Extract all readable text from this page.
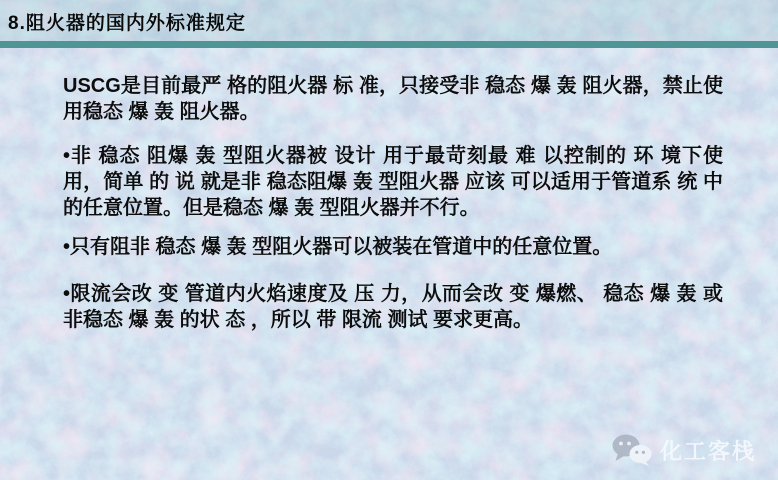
8.阻火器的国内外标准规定

USCG是目前最严 格的阻火器 标 准，只接受非 稳态 爆 轰 阻火器，禁止使用稳态 爆 轰 阻火器。

•非 稳态 阻爆 轰 型阻火器被 设计 用于最苛刻最 难 以控制的 环 境下使用，简单 的 说 就是非 稳态阻爆 轰 型阻火器 应该 可以适用于管道系 统 中的任意位置。但是稳态 爆 轰 型阻火器并不行。

•只有阻非 稳态 爆 轰 型阻火器可以被装在管道中的任意位置。

•限流会改 变 管道内火焰速度及 压 力，从而会改 变 爆燃、 稳态 爆 轰 或非稳态 爆 轰 的状 态 ，所以 带 限流 测试 要求更高。

化工客栈
